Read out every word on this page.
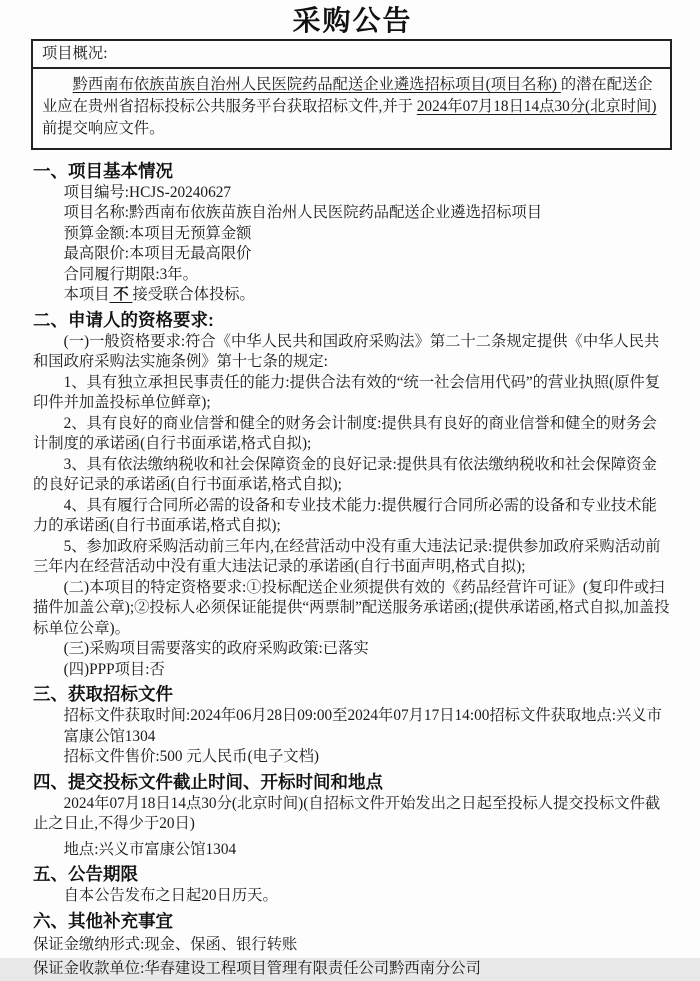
采购公告
项目概况:

黔西南布依族苗族自治州人民医院药品配送企业遴选招标项目(项目名称) 的潜在配送企业应在贵州省招标投标公共服务平台获取招标文件,并于 2024年07月18日14点30分(北京时间)前提交响应文件。

一、项目基本情况

项目编号:HCJS-20240627

项目名称:黔西南布依族苗族自治州人民医院药品配送企业遴选招标项目

预算金额:本项目无预算金额

最高限价:本项目无最高限价

合同履行期限:3年。

本项目 不 接受联合体投标。

二、申请人的资格要求:

(一)一般资格要求:符合《中华人民共和国政府采购法》第二十二条规定提供《中华人民共和国政府采购法实施条例》第十七条的规定:

1、具有独立承担民事责任的能力:提供合法有效的“统一社会信用代码”的营业执照(原件复印件并加盖投标单位鲜章);

2、具有良好的商业信誉和健全的财务会计制度:提供具有良好的商业信誉和健全的财务会计制度的承诺函(自行书面承诺,格式自拟);

3、具有依法缴纳税收和社会保障资金的良好记录:提供具有依法缴纳税收和社会保障资金的良好记录的承诺函(自行书面承诺,格式自拟);

4、具有履行合同所必需的设备和专业技术能力:提供履行合同所必需的设备和专业技术能力的承诺函(自行书面承诺,格式自拟);

5、参加政府采购活动前三年内,在经营活动中没有重大违法记录:提供参加政府采购活动前三年内在经营活动中没有重大违法记录的承诺函(自行书面声明,格式自拟);

(二)本项目的特定资格要求:①投标配送企业须提供有效的《药品经营许可证》(复印件或扫描件加盖公章);②投标人必须保证能提供“两票制”配送服务承诺函;(提供承诺函,格式自拟,加盖投标单位公章)。

(三)采购项目需要落实的政府采购政策:已落实

(四)PPP项目:否

三、获取招标文件

招标文件获取时间:2024年06月28日09:00至2024年07月17日14:00招标文件获取地点:兴义市富康公馆1304

招标文件售价:500 元人民币(电子文档)

四、提交投标文件截止时间、开标时间和地点

2024年07月18日14点30分(北京时间)(自招标文件开始发出之日起至投标人提交投标文件截止之日止,不得少于20日)

地点:兴义市富康公馆1304

五、公告期限

自本公告发布之日起20日历天。

六、其他补充事宜

保证金缴纳形式:现金、保函、银行转账

保证金收款单位:华春建设工程项目管理有限责任公司黔西南分公司
